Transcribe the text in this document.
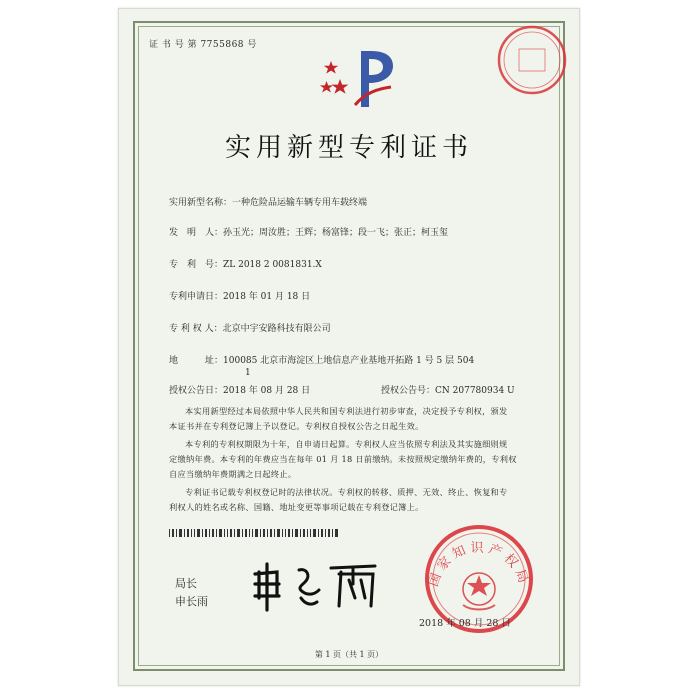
证 书 号 第 7755868 号
实用新型专利证书
实用新型名称：一种危险品运输车辆专用车载终端
发　明　人：孙玉光；周汝胜；王辉；杨富锋；段一飞；张正；柯玉玺
专　利　号：ZL 2018 2 0081831.X
专利申请日：2018 年 01 月 18 日
专 利 权 人：北京中宇安路科技有限公司
地　　　址：100085 北京市海淀区上地信息产业基地开拓路 1 号 5 层 504
1
授权公告日：2018 年 08 月 28 日	授权公告号：CN 207780934 U
本实用新型经过本局依照中华人民共和国专利法进行初步审查，决定授予专利权，颁发
本证书并在专利登记簿上予以登记。专利权自授权公告之日起生效。
本专利的专利权期限为十年，自申请日起算。专利权人应当依照专利法及其实施细则规
定缴纳年费。本专利的年费应当在每年 01 月 18 日前缴纳。未按照规定缴纳年费的，专利权
自应当缴纳年费期满之日起终止。
专利证书记载专利权登记时的法律状况。专利权的转移、质押、无效、终止、恢复和专
利权人的姓名或名称、国籍、地址变更等事项记载在专利登记簿上。
局长
申长雨
国家知识产权局
2018 年 08 月 28 日
第 1 页（共 1 页）
